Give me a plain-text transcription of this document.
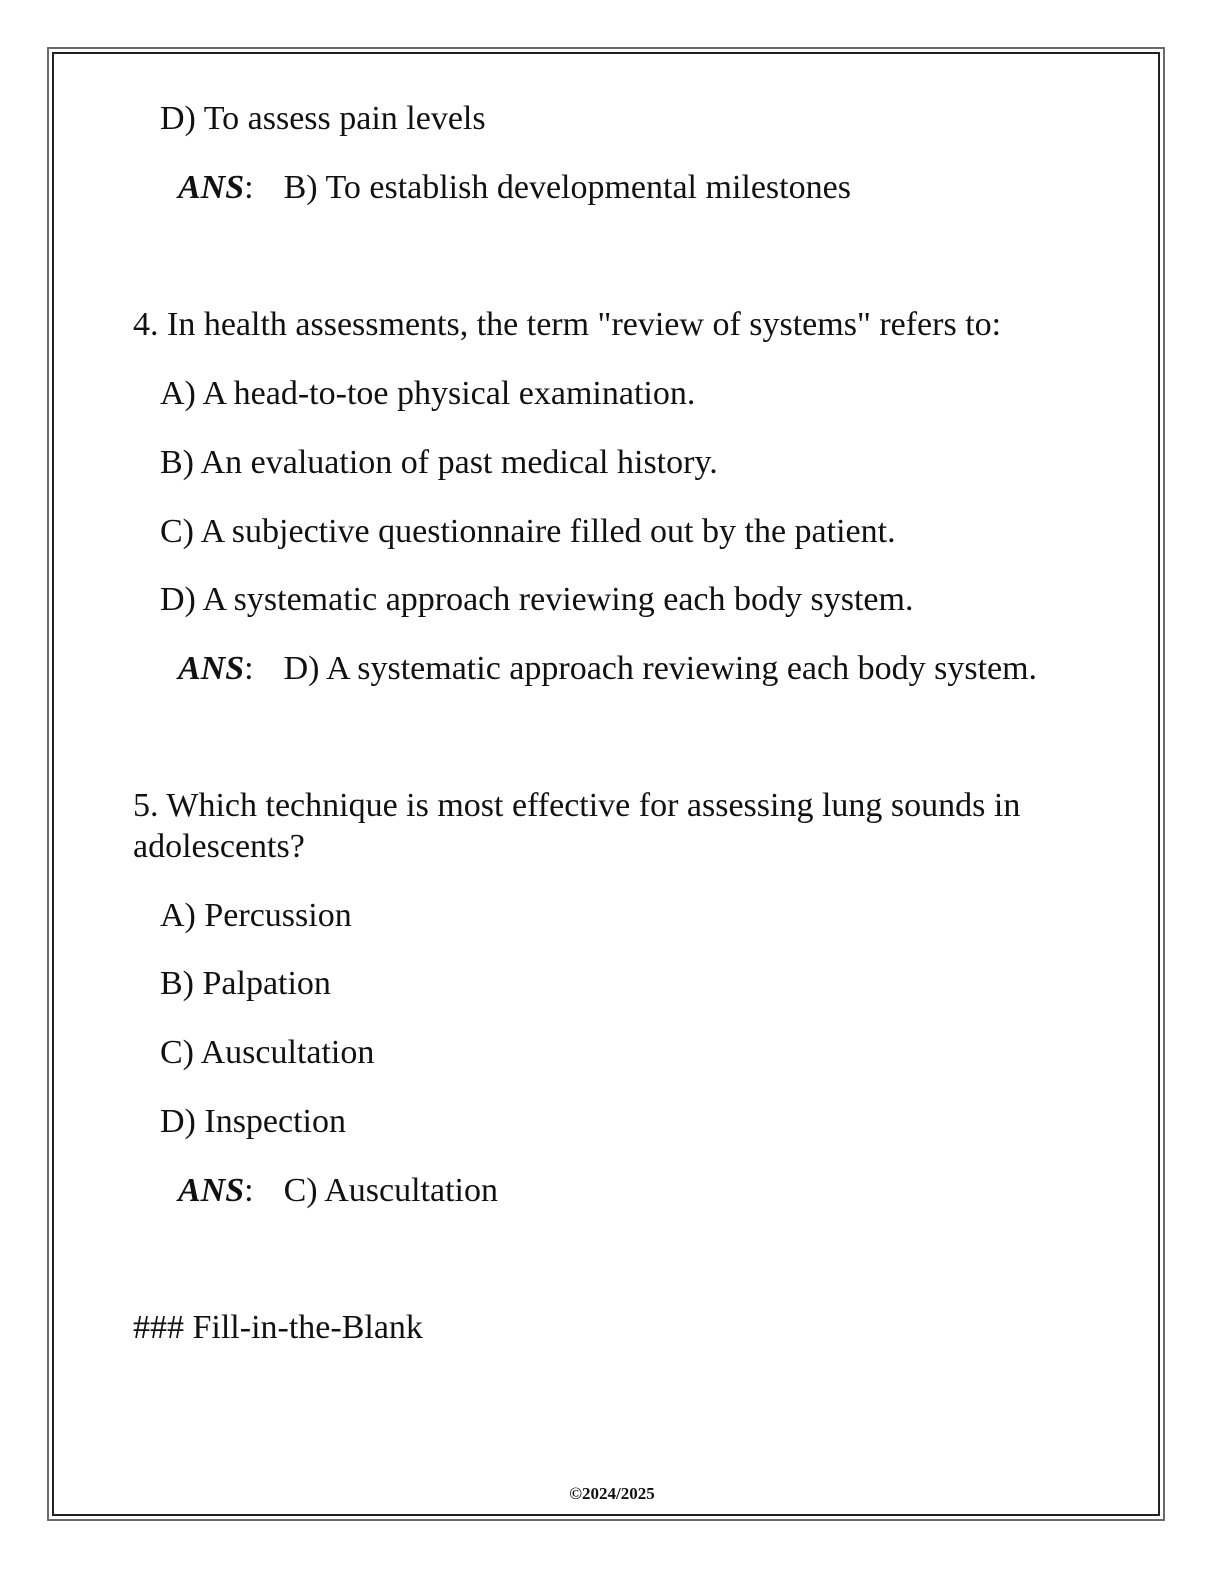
D) To assess pain levels
ANS: B) To establish developmental milestones
4. In health assessments, the term "review of systems" refers to:
A) A head-to-toe physical examination.
B) An evaluation of past medical history.
C) A subjective questionnaire filled out by the patient.
D) A systematic approach reviewing each body system.
ANS: D) A systematic approach reviewing each body system.
5. Which technique is most effective for assessing lung sounds in
adolescents?
A) Percussion
B) Palpation
C) Auscultation
D) Inspection
ANS: C) Auscultation
### Fill-in-the-Blank
©2024/2025
